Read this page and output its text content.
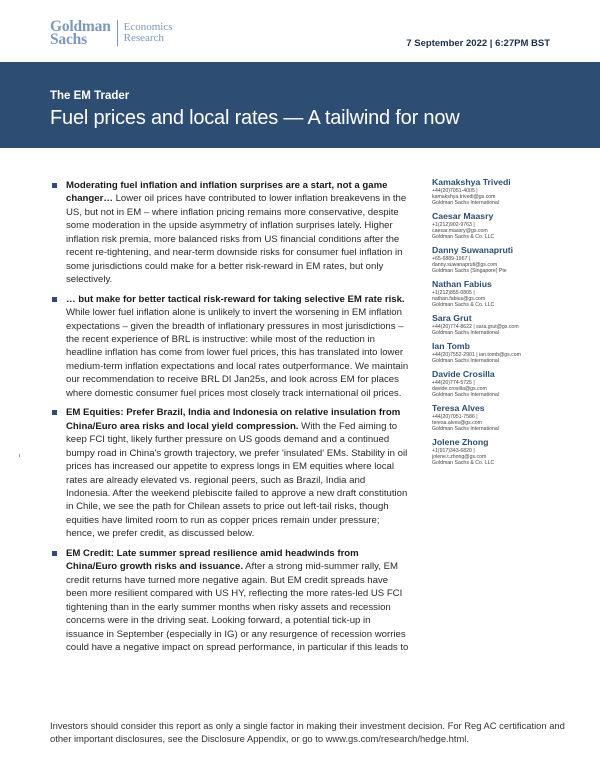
Goldman
Sachs
Economics
Research	7 September 2022 | 6:27PM BST
The EM Trader
Fuel prices and local rates — A tailwind for now
Moderating fuel inflation and inflation surprises are a start, not a game changer… Lower oil prices have contributed to lower inflation breakevens in the US, but not in EM – where inflation pricing remains more conservative, despite some moderation in the upside asymmetry of inflation surprises lately. Higher inflation risk premia, more balanced risks from US financial conditions after the recent re-tightening, and near-term downside risks for consumer fuel inflation in some jurisdictions could make for a better risk-reward in EM rates, but only selectively.
… but make for better tactical risk-reward for taking selective EM rate risk. While lower fuel inflation alone is unlikely to invert the worsening in EM inflation expectations – given the breadth of inflationary pressures in most jurisdictions – the recent experience of BRL is instructive: while most of the reduction in headline inflation has come from lower fuel prices, this has translated into lower medium-term inflation expectations and local rates outperformance. We maintain our recommendation to receive BRL DI Jan25s, and look across EM for places where domestic consumer fuel prices most closely track international oil prices.
EM Equities: Prefer Brazil, India and Indonesia on relative insulation from China/Euro area risks and local yield compression. With the Fed aiming to keep FCI tight, likely further pressure on US goods demand and a continued bumpy road in China's growth trajectory, we prefer 'insulated' EMs. Stability in oil prices has increased our appetite to express longs in EM equities where local rates are already elevated vs. regional peers, such as Brazil, India and Indonesia. After the weekend plebiscite failed to approve a new draft constitution in Chile, we see the path for Chilean assets to price out left-tail risks, though equities have limited room to run as copper prices remain under pressure; hence, we prefer credit, as discussed below.
EM Credit: Late summer spread resilience amid headwinds from China/Euro growth risks and issuance. After a strong mid-summer rally, EM credit returns have turned more negative again. But EM credit spreads have been more resilient compared with US HY, reflecting the more rates-led US FCI tightening than in the early summer months when risky assets and recession concerns were in the driving seat. Looking forward, a potential tick-up in issuance in September (especially in IG) or any resurgence of recession worries could have a negative impact on spread performance, in particular if this leads to
Kamakshya Trivedi
+44(20)7051-4005 |
kamakshya.trivedi@gs.com
Goldman Sachs International
Caesar Maasry
+1(212)902-9763 |
caesar.maasry@gs.com
Goldman Sachs & Co. LLC
Danny Suwanapruti
+65-6889-1967 |
danny.suwanapruti@gs.com
Goldman Sachs (Singapore) Pte
Nathan Fabius
+1(212)855-0805 |
nathan.fabius@gs.com
Goldman Sachs & Co. LLC
Sara Grut
+44(20)774-8622 | sara.grut@gs.com
Goldman Sachs International
Ian Tomb
+44(20)7552-2901 | ian.tomb@gs.com
Goldman Sachs International
Davide Crosilla
+44(20)774-5725 |
davide.crosilla@gs.com
Goldman Sachs International
Teresa Alves
+44(20)7051-7586 |
teresa.alves@gs.com
Goldman Sachs International
Jolene Zhong
+1(917)343-6820 |
jolene.t.zhong@gs.com
Goldman Sachs & Co. LLC
Investors should consider this report as only a single factor in making their investment decision. For Reg AC certification and other important disclosures, see the Disclosure Appendix, or go to www.gs.com/research/hedge.html.
